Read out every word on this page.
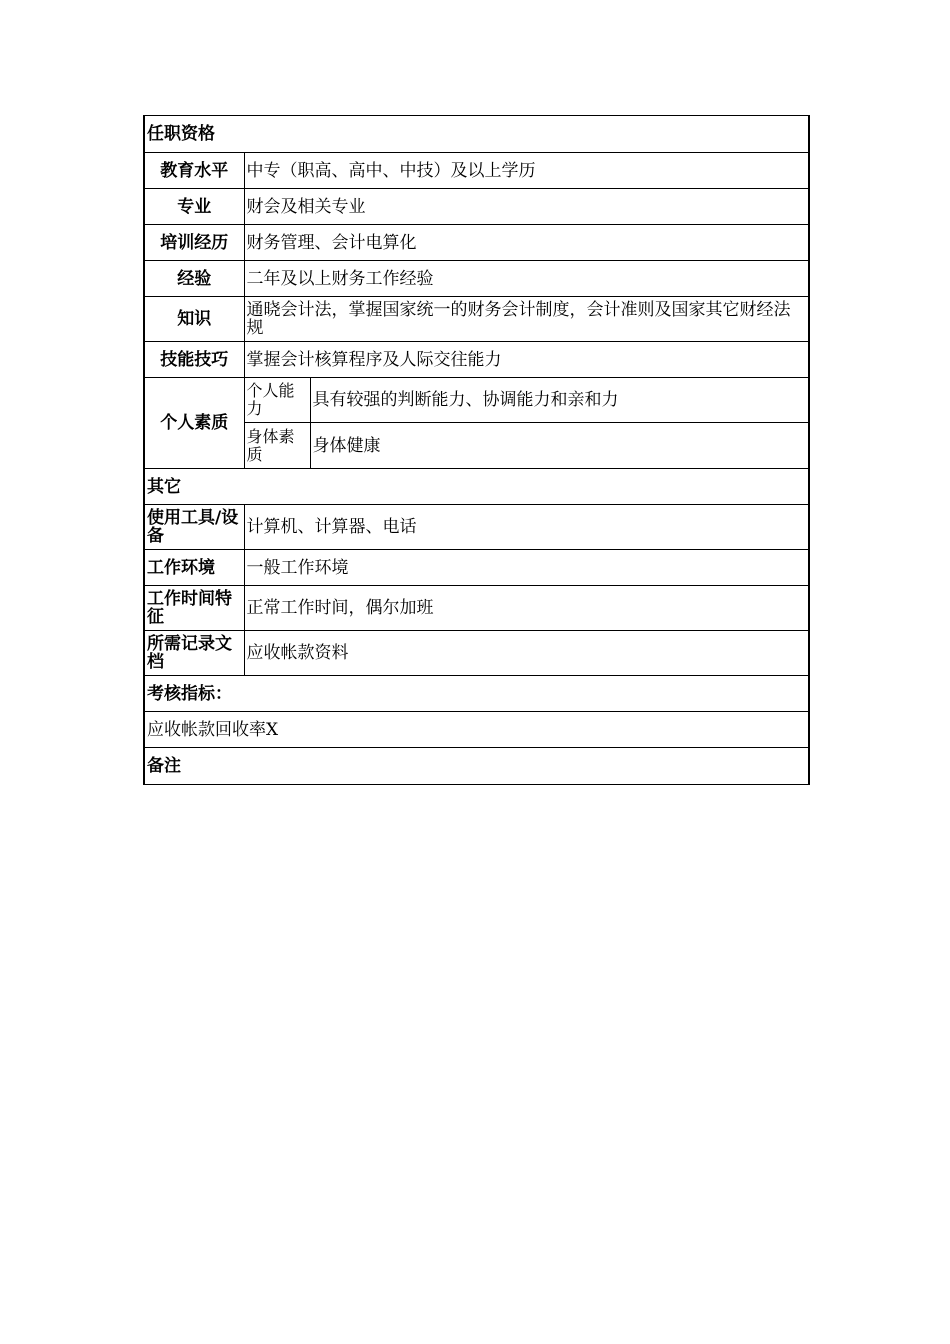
任职资格		
教育水平	中专（职高、高中、中技）及以上学历	
专业	财会及相关专业	
培训经历	财务管理、会计电算化	
经验	二年及以上财务工作经验	
知识	通晓会计法，掌握国家统一的财务会计制度，会计准则及国家其它财经法规	
技能技巧	掌握会计核算程序及人际交往能力	
个人素质	个人能力	具有较强的判断能力、协调能力和亲和力
	身体素质	身体健康
其它		
使用工具/设备	计算机、计算器、电话	
工作环境	一般工作环境	
工作时间特征	正常工作时间，偶尔加班	
所需记录文档	应收帐款资料	
考核指标：		
应收帐款回收率X		
备注		
